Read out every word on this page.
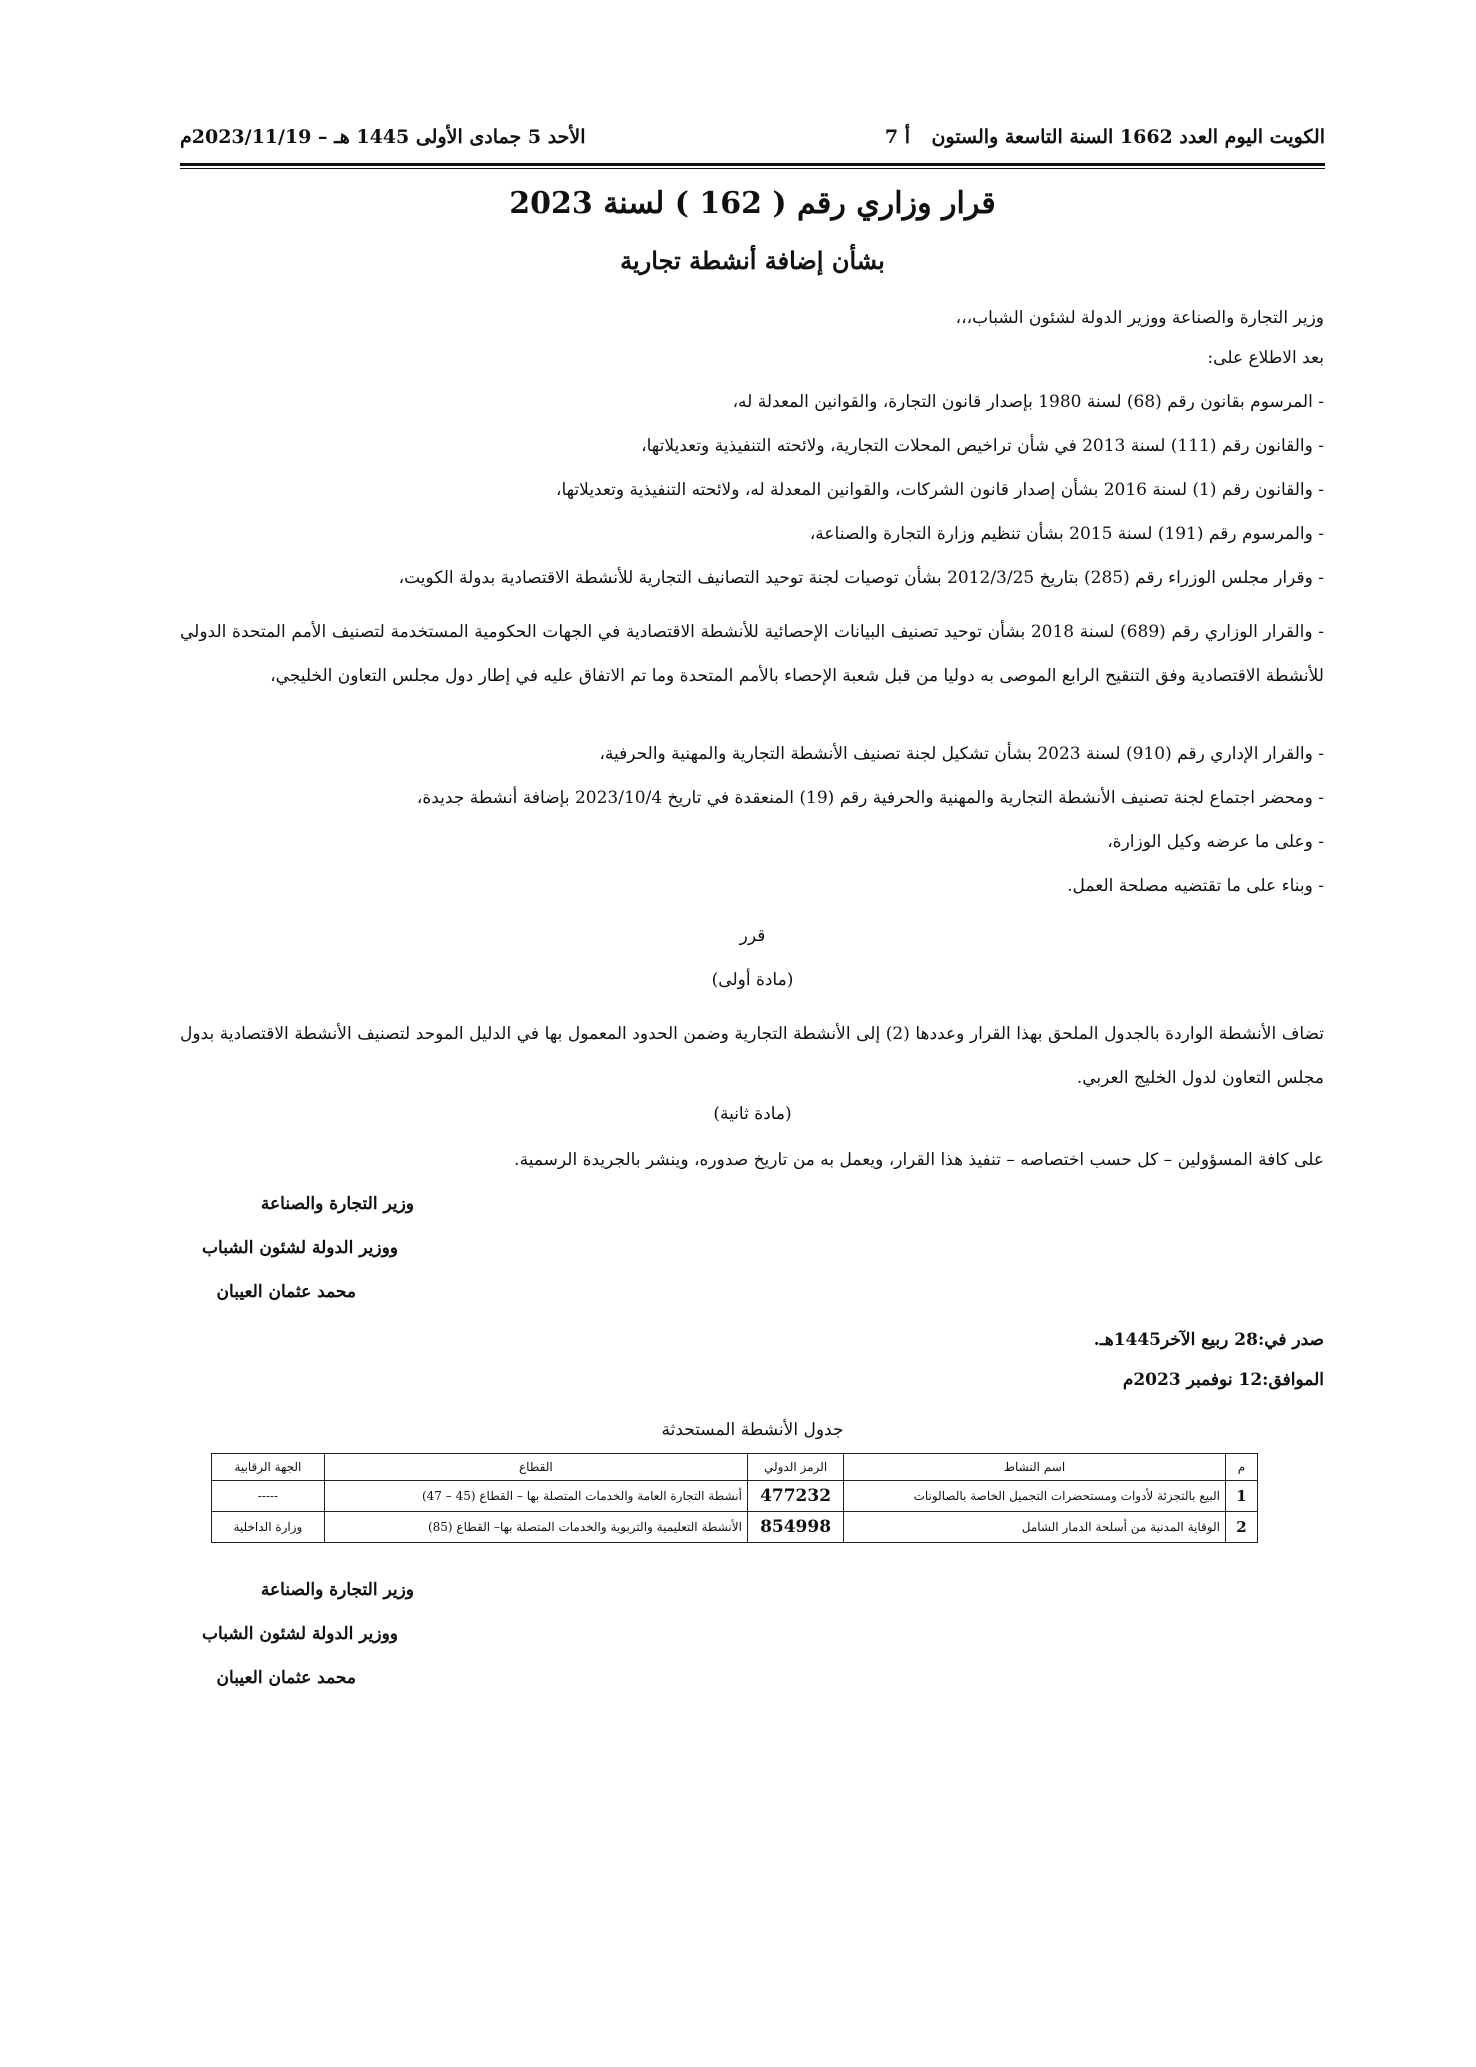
الكويت اليوم العدد 1662 السنة التاسعة والستون
أ 7
الأحد 5 جمادى الأولى 1445 هـ – 2023/11/19م
قرار وزاري رقم ( 162 ) لسنة 2023
بشأن إضافة أنشطة تجارية
وزير التجارة والصناعة ووزير الدولة لشئون الشباب،،،
بعد الاطلاع على:
- المرسوم بقانون رقم (68) لسنة 1980 بإصدار قانون التجارة، والقوانين المعدلة له،
- والقانون رقم (111) لسنة 2013 في شأن تراخيص المحلات التجارية، ولائحته التنفيذية وتعديلاتها،
- والقانون رقم (1) لسنة 2016 بشأن إصدار قانون الشركات، والقوانين المعدلة له، ولائحته التنفيذية وتعديلاتها،
- والمرسوم رقم (191) لسنة 2015 بشأن تنظيم وزارة التجارة والصناعة،
- وقرار مجلس الوزراء رقم (285) بتاريخ 2012/3/25 بشأن توصيات لجنة توحيد التصانيف التجارية للأنشطة الاقتصادية بدولة الكويت،
- والقرار الوزاري رقم (689) لسنة 2018 بشأن توحيد تصنيف البيانات الإحصائية للأنشطة الاقتصادية في الجهات الحكومية المستخدمة لتصنيف الأمم المتحدة الدولي للأنشطة الاقتصادية وفق التنقيح الرابع الموصى به دوليا من قبل شعبة الإحصاء بالأمم المتحدة وما تم الاتفاق عليه في إطار دول مجلس التعاون الخليجي،
- والقرار الإداري رقم (910) لسنة 2023 بشأن تشكيل لجنة تصنيف الأنشطة التجارية والمهنية والحرفية،
- ومحضر اجتماع لجنة تصنيف الأنشطة التجارية والمهنية والحرفية رقم (19) المنعقدة في تاريخ 2023/10/4 بإضافة أنشطة جديدة،
- وعلى ما عرضه وكيل الوزارة،
- وبناء على ما تقتضيه مصلحة العمل.
قرر
(مادة أولى)
تضاف الأنشطة الواردة بالجدول الملحق بهذا القرار وعددها (2) إلى الأنشطة التجارية وضمن الحدود المعمول بها في الدليل الموحد لتصنيف الأنشطة الاقتصادية بدول مجلس التعاون لدول الخليج العربي.
(مادة ثانية)
على كافة المسؤولين – كل حسب اختصاصه – تنفيذ هذا القرار، ويعمل به من تاريخ صدوره، وينشر بالجريدة الرسمية.
وزير التجارة والصناعة
ووزير الدولة لشئون الشباب
محمد عثمان العيبان
صدر في:28 ربيع الآخر1445هـ.
الموافق:12 نوفمبر 2023م
جدول الأنشطة المستحدثة
م	اسم النشاط	الرمز الدولي	القطاع	الجهة الرقابية
1	البيع بالتجزئة لأدوات ومستحضرات التجميل الخاصة بالصالونات	477232	أنشطة التجارة العامة والخدمات المتصلة بها – القطاع (45 – 47)	-----
2	الوقاية المدنية من أسلحة الدمار الشامل	854998	الأنشطة التعليمية والتربوية والخدمات المتصلة بها– القطاع (85)	وزارة الداخلية
وزير التجارة والصناعة
ووزير الدولة لشئون الشباب
محمد عثمان العيبان
